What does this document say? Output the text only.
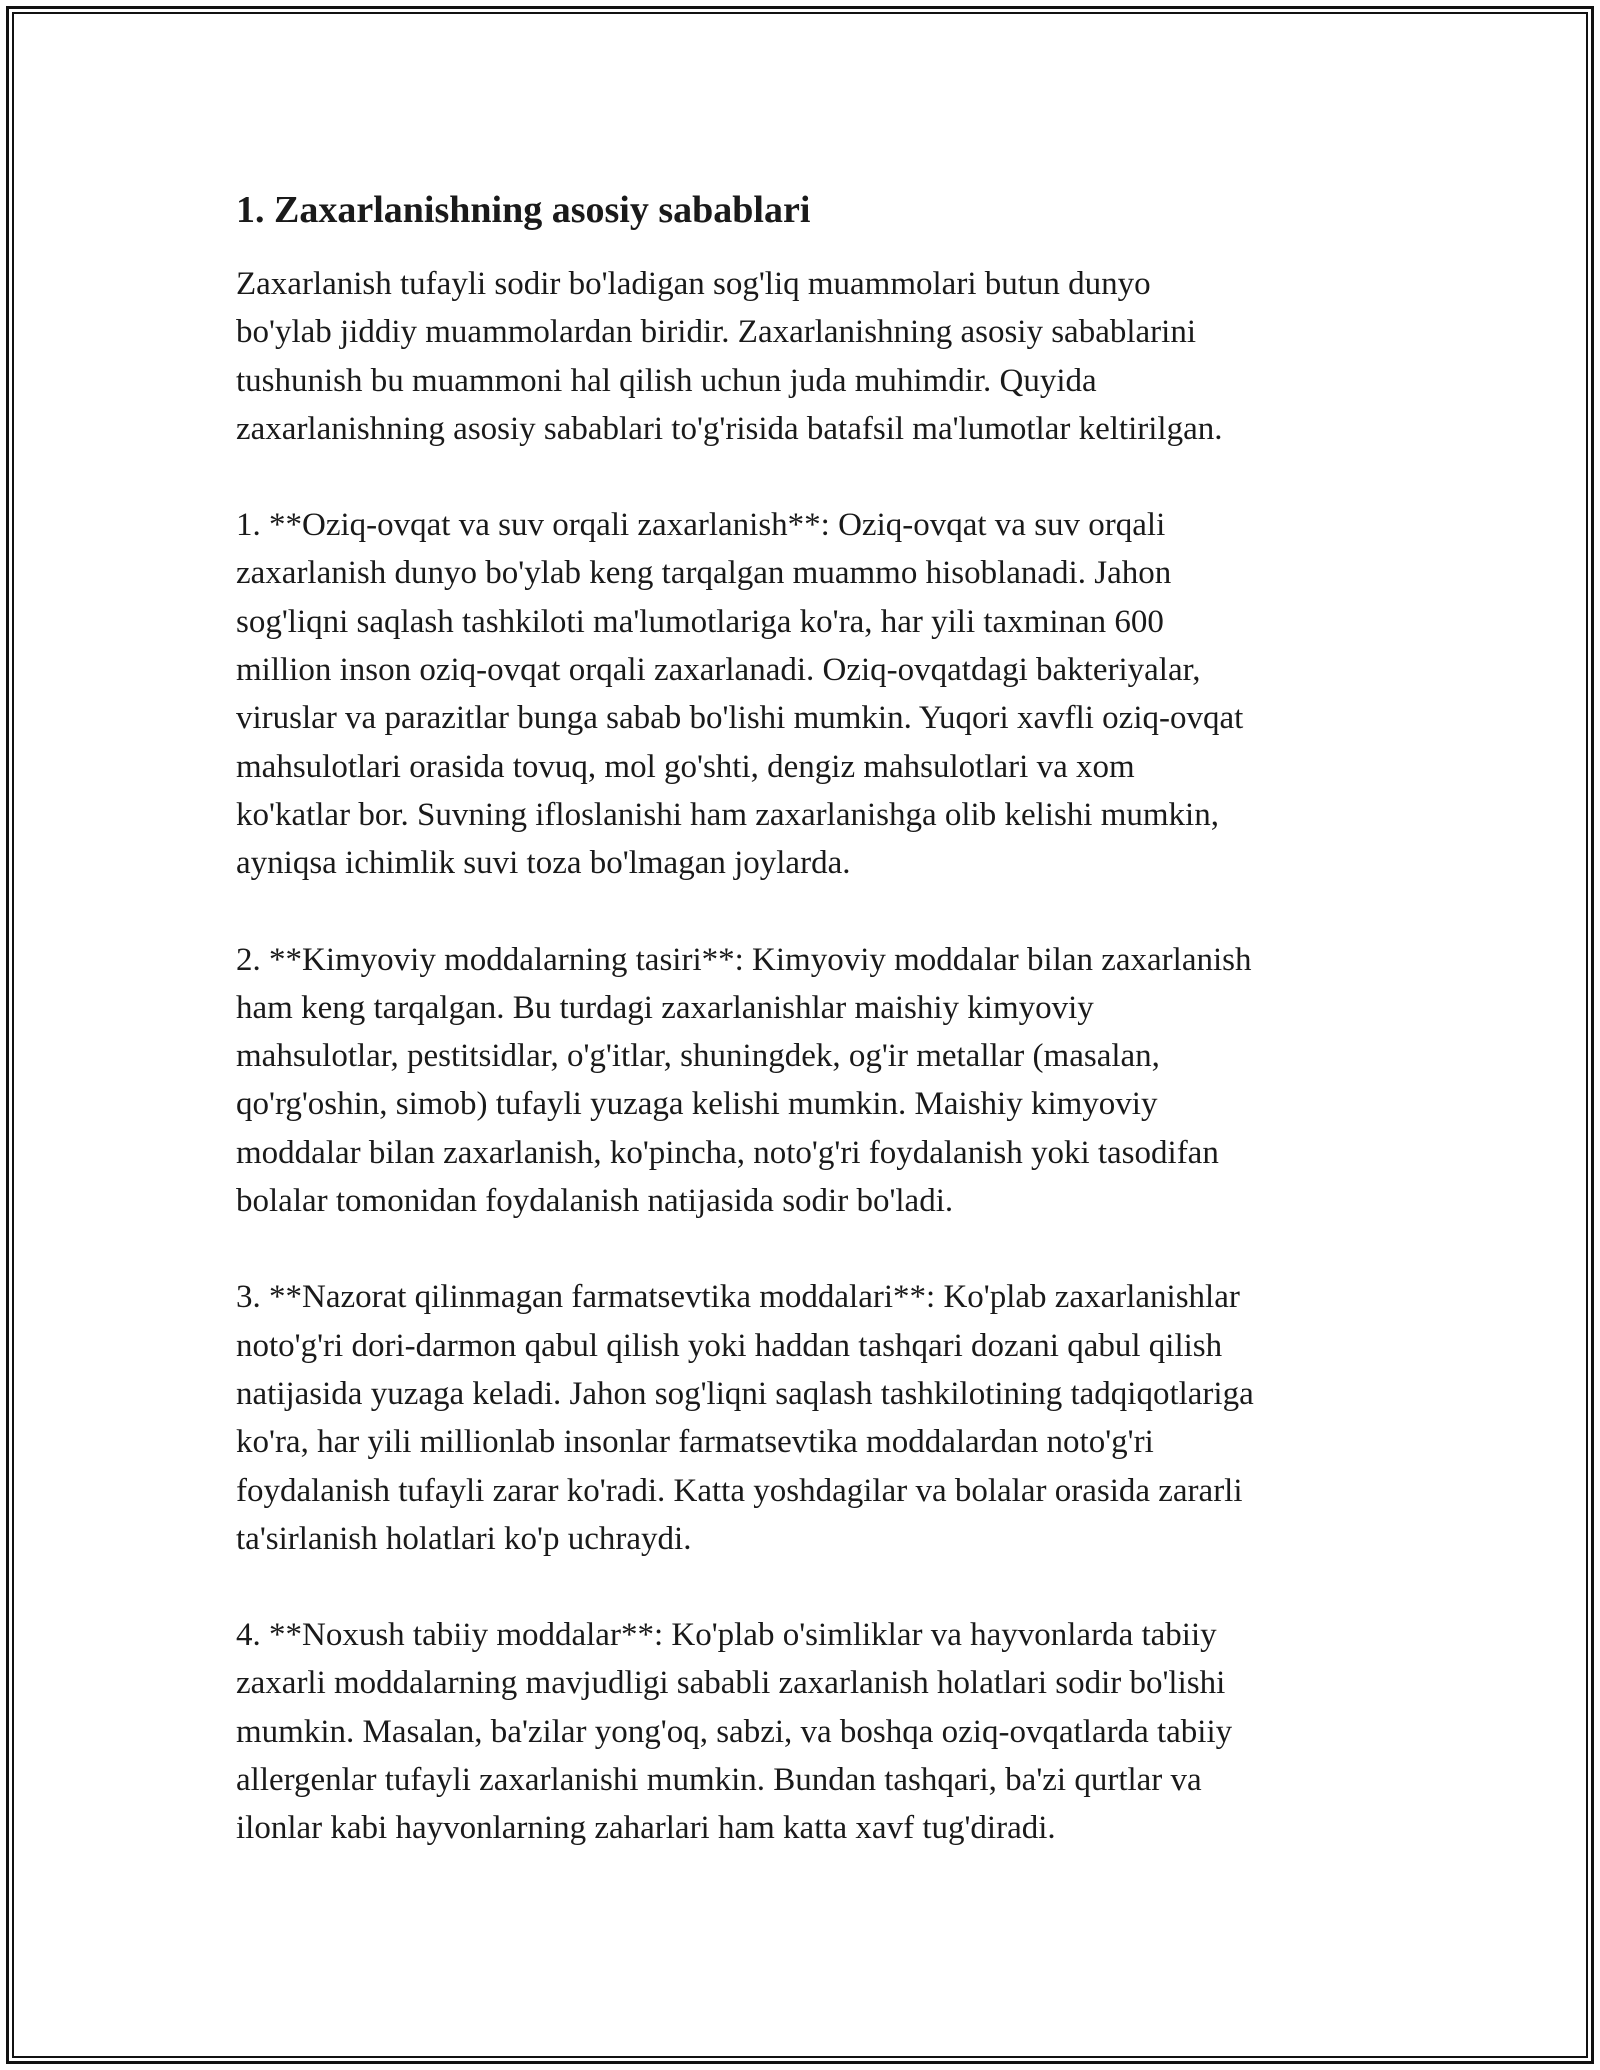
1. Zaxarlanishning asosiy sabablari

Zaxarlanish tufayli sodir bo'ladigan sog'liq muammolari butun dunyo
bo'ylab jiddiy muammolardan biridir. Zaxarlanishning asosiy sabablarini
tushunish bu muammoni hal qilish uchun juda muhimdir. Quyida
zaxarlanishning asosiy sabablari to'g'risida batafsil ma'lumotlar keltirilgan.

1. **Oziq-ovqat va suv orqali zaxarlanish**: Oziq-ovqat va suv orqali
zaxarlanish dunyo bo'ylab keng tarqalgan muammo hisoblanadi. Jahon
sog'liqni saqlash tashkiloti ma'lumotlariga ko'ra, har yili taxminan 600
million inson oziq-ovqat orqali zaxarlanadi. Oziq-ovqatdagi bakteriyalar,
viruslar va parazitlar bunga sabab bo'lishi mumkin. Yuqori xavfli oziq-ovqat
mahsulotlari orasida tovuq, mol go'shti, dengiz mahsulotlari va xom
ko'katlar bor. Suvning ifloslanishi ham zaxarlanishga olib kelishi mumkin,
ayniqsa ichimlik suvi toza bo'lmagan joylarda.

2. **Kimyoviy moddalarning tasiri**: Kimyoviy moddalar bilan zaxarlanish
ham keng tarqalgan. Bu turdagi zaxarlanishlar maishiy kimyoviy
mahsulotlar, pestitsidlar, o'g'itlar, shuningdek, og'ir metallar (masalan,
qo'rg'oshin, simob) tufayli yuzaga kelishi mumkin. Maishiy kimyoviy
moddalar bilan zaxarlanish, ko'pincha, noto'g'ri foydalanish yoki tasodifan
bolalar tomonidan foydalanish natijasida sodir bo'ladi.

3. **Nazorat qilinmagan farmatsevtika moddalari**: Ko'plab zaxarlanishlar
noto'g'ri dori-darmon qabul qilish yoki haddan tashqari dozani qabul qilish
natijasida yuzaga keladi. Jahon sog'liqni saqlash tashkilotining tadqiqotlariga
ko'ra, har yili millionlab insonlar farmatsevtika moddalardan noto'g'ri
foydalanish tufayli zarar ko'radi. Katta yoshdagilar va bolalar orasida zararli
ta'sirlanish holatlari ko'p uchraydi.

4. **Noxush tabiiy moddalar**: Ko'plab o'simliklar va hayvonlarda tabiiy
zaxarli moddalarning mavjudligi sababli zaxarlanish holatlari sodir bo'lishi
mumkin. Masalan, ba'zilar yong'oq, sabzi, va boshqa oziq-ovqatlarda tabiiy
allergenlar tufayli zaxarlanishi mumkin. Bundan tashqari, ba'zi qurtlar va
ilonlar kabi hayvonlarning zaharlari ham katta xavf tug'diradi.
